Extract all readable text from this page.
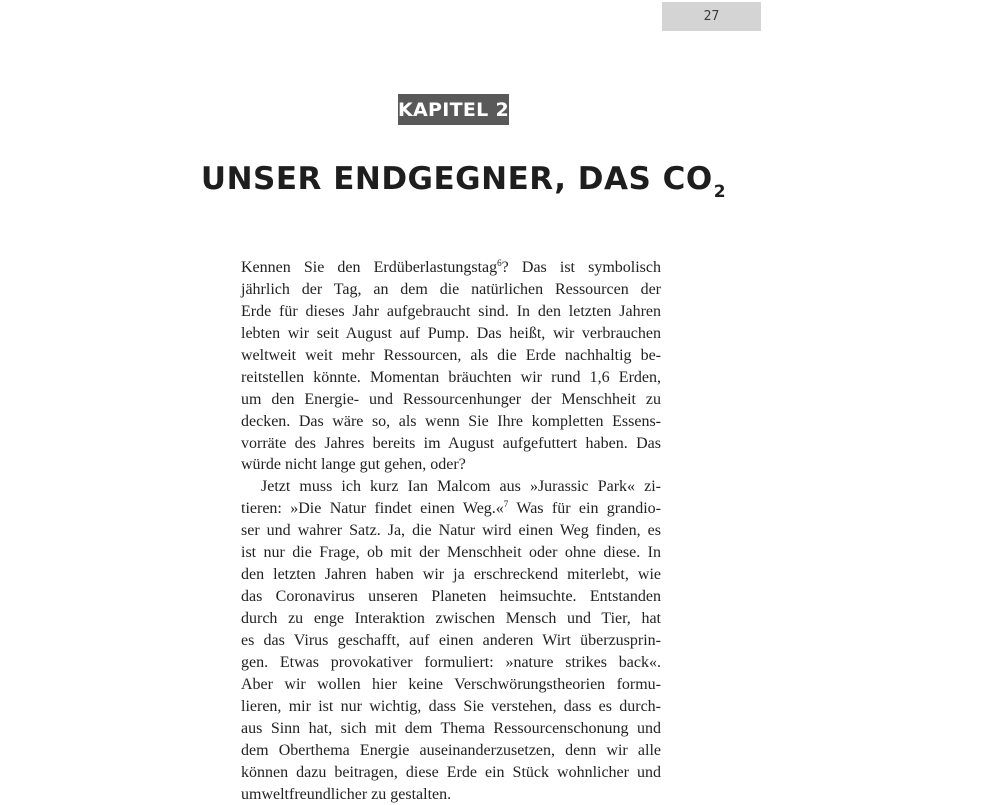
27
KAPITEL 2
UNSER ENDGEGNER, DAS $CO_2$
Kennen Sie den Erdüberlastungstag$^6$? Das ist symbolisch
jährlich der Tag, an dem die natürlichen Ressourcen der
Erde für dieses Jahr aufgebraucht sind. In den letzten Jahren
lebten wir seit August auf Pump. Das heißt, wir verbrauchen
weltweit weit mehr Ressourcen, als die Erde nachhaltig be-
reitstellen könnte. Momentan bräuchten wir rund 1,6 Erden,
um den Energie- und Ressourcenhunger der Menschheit zu
decken. Das wäre so, als wenn Sie Ihre kompletten Essens-
vorräte des Jahres bereits im August aufgefuttert haben. Das
würde nicht lange gut gehen, oder?
Jetzt muss ich kurz Ian Malcom aus »Jurassic Park« zi-
tieren: »Die Natur findet einen Weg.«$^7$ Was für ein grandio-
ser und wahrer Satz. Ja, die Natur wird einen Weg finden, es
ist nur die Frage, ob mit der Menschheit oder ohne diese. In
den letzten Jahren haben wir ja erschreckend miterlebt, wie
das Coronavirus unseren Planeten heimsuchte. Entstanden
durch zu enge Interaktion zwischen Mensch und Tier, hat
es das Virus geschafft, auf einen anderen Wirt überzusprin-
gen. Etwas provokativer formuliert: »nature strikes back«.
Aber wir wollen hier keine Verschwörungstheorien formu-
lieren, mir ist nur wichtig, dass Sie verstehen, dass es durch-
aus Sinn hat, sich mit dem Thema Ressourcenschonung und
dem Oberthema Energie auseinanderzusetzen, denn wir alle
können dazu beitragen, diese Erde ein Stück wohnlicher und
umweltfreundlicher zu gestalten.
